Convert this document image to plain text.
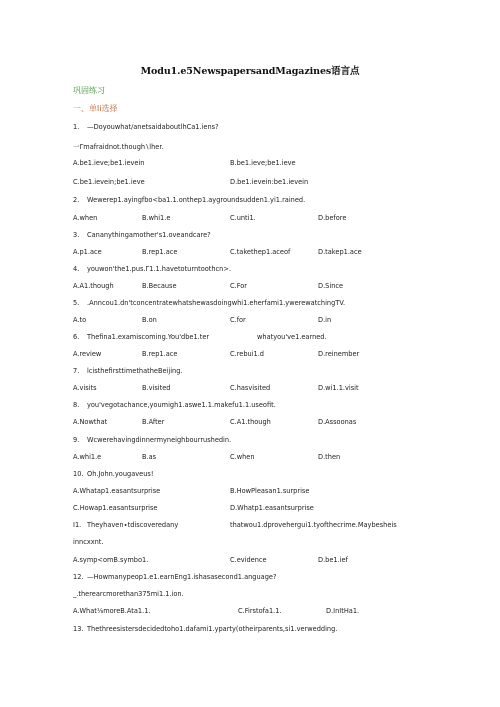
Modu1.e5NewspapersandMagazines语言点
巩固练习
一、单li选择
1. —Doyouwhat∕anetsaidaboutlhCa1.iens?
一Γmafraidnot.though∖lher.
A.be1.ieve;be1.ievein	B.be1.ieve;be1.ieve
C.be1.ievein;be1.ieve	D.be1.ievein:be1.ievein
2. Wewerep1.ayingfbo<ba1.1.onthep1.aygroundsudden1.yi1.rained.
A.when	B.whi1.e	C.unti1.	D.before
3. Cananythingamother's1.oveandcare?
A.p1.ace	B.rep1.ace	C.takethep1.aceof	D.takep1.ace
4. youwon'the1.pus.Γ1.1.havetoturntoothcn>.
A.A1.though	B.Because	C.For	D.Since
5. .Anncou1.dn'tconcentratewhatshewasdoingwhi1.eherfami1.ywerewatchingTV.
A.to	B.on	C.for	D.in
6. Thefina1.examiscoming.You'dbe1.ter	whatyou've1.earned.
A.review	B.rep1.ace	C.rebui1.d	D.reinember
7. lcisthefirsttimethatheBeijing.
A.visits	B.visited	C.hasvisited	D.wi1.1.visit
8. you'vegotachance,youmigh1.aswe1.1.makefu1.1.useofit.
A.Nowthat	B.After	C.A1.though	D.Assoonas
9. Wcwerehavingdinnermyneighbourrushedin.
A.whi1.e	B.as	C.when	D.then
10. Oh.John.yougaveus!
A.Whatap1.easantsurprise	B.HowPleasan1.surprise
C.Howap1.easantsurprise	D.Whatp1.easantsurprise
I1. Theyhaven∙tdiscoveredany	thatwou1.dprovehergui1.tyofthecrime.Maybesheis
inncxxnt.
A.symp<omB.symbo1.	C.evidence	D.be1.ief
12. —Howmanypeop1.e1.earnEng1.ishasasecond1.anguage?
_.therearcmorethan375mi1.1.ion.
A.What⅛moreB.Ata1.1.	C.Firstofa1.1.	D.InItHa1.
13. Thethreesistersdecidedtoho1.dafami1.yparty(otheirparents,si1.verwedding.
